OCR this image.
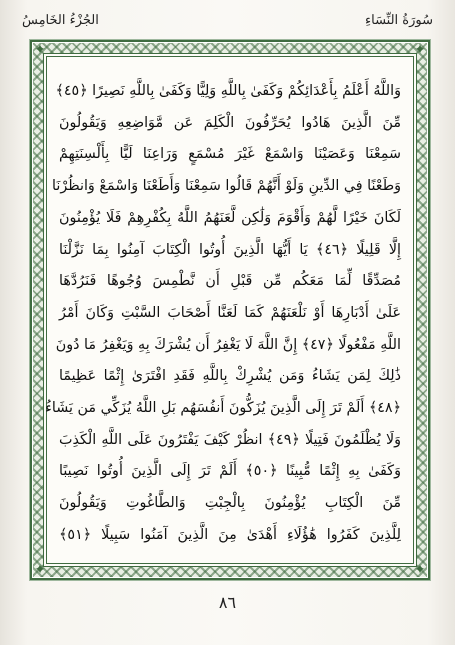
سُورَةُ النِّسَاءِ
الجُزْءُ الخَامِسُ
✦	✦
✦	✦
وَاللَّهُ أَعْلَمُ بِأَعْدَائِكُمْ وَكَفَىٰ بِاللَّهِ وَلِيًّا وَكَفَىٰ بِاللَّهِ نَصِيرًا ﴿٤٥﴾
مِّنَ الَّذِينَ هَادُوا يُحَرِّفُونَ الْكَلِمَ عَن مَّوَاضِعِهِ وَيَقُولُونَ
سَمِعْنَا وَعَصَيْنَا وَاسْمَعْ غَيْرَ مُسْمَعٍ وَرَاعِنَا لَيًّا بِأَلْسِنَتِهِمْ
وَطَعْنًا فِي الدِّينِ وَلَوْ أَنَّهُمْ قَالُوا سَمِعْنَا وَأَطَعْنَا وَاسْمَعْ وَانظُرْنَا
لَكَانَ خَيْرًا لَّهُمْ وَأَقْوَمَ وَلَٰكِن لَّعَنَهُمُ اللَّهُ بِكُفْرِهِمْ فَلَا يُؤْمِنُونَ
إِلَّا قَلِيلًا ﴿٤٦﴾ يَا أَيُّهَا الَّذِينَ أُوتُوا الْكِتَابَ آمِنُوا بِمَا نَزَّلْنَا
مُصَدِّقًا لِّمَا مَعَكُم مِّن قَبْلِ أَن نَّطْمِسَ وُجُوهًا فَنَرُدَّهَا
عَلَىٰ أَدْبَارِهَا أَوْ نَلْعَنَهُمْ كَمَا لَعَنَّا أَصْحَابَ السَّبْتِ وَكَانَ أَمْرُ
اللَّهِ مَفْعُولًا ﴿٤٧﴾ إِنَّ اللَّهَ لَا يَغْفِرُ أَن يُشْرَكَ بِهِ وَيَغْفِرُ مَا دُونَ
ذَٰلِكَ لِمَن يَشَاءُ وَمَن يُشْرِكْ بِاللَّهِ فَقَدِ افْتَرَىٰ إِثْمًا عَظِيمًا
﴿٤٨﴾ أَلَمْ تَرَ إِلَى الَّذِينَ يُزَكُّونَ أَنفُسَهُم بَلِ اللَّهُ يُزَكِّي مَن يَشَاءُ
وَلَا يُظْلَمُونَ فَتِيلًا ﴿٤٩﴾ انظُرْ كَيْفَ يَفْتَرُونَ عَلَى اللَّهِ الْكَذِبَ
وَكَفَىٰ بِهِ إِثْمًا مُّبِينًا ﴿٥٠﴾ أَلَمْ تَرَ إِلَى الَّذِينَ أُوتُوا نَصِيبًا
مِّنَ الْكِتَابِ يُؤْمِنُونَ بِالْجِبْتِ وَالطَّاغُوتِ وَيَقُولُونَ
لِلَّذِينَ كَفَرُوا هَٰؤُلَاءِ أَهْدَىٰ مِنَ الَّذِينَ آمَنُوا سَبِيلًا ﴿٥١﴾
٨٦
